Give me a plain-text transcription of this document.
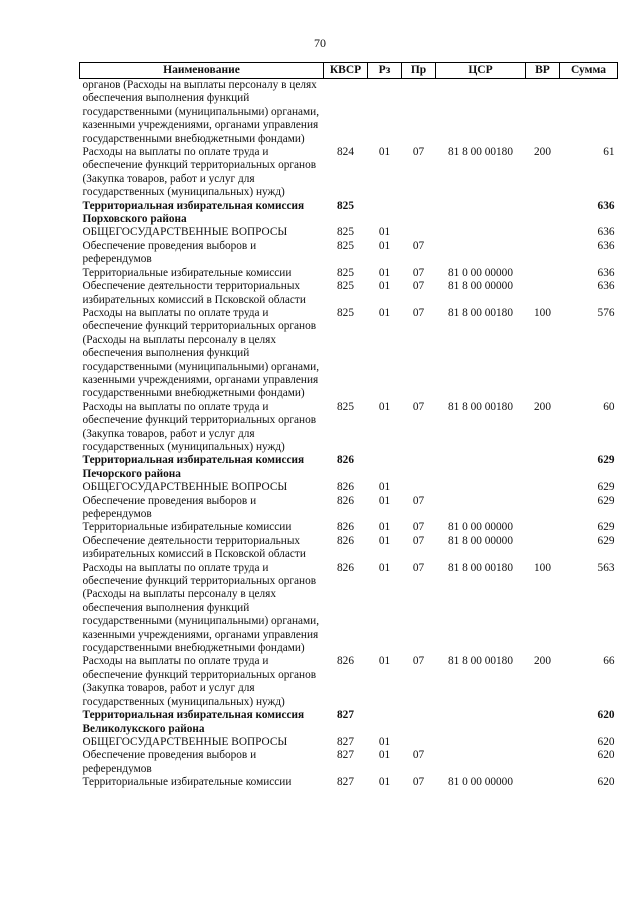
70
Наименование	КВСР	Рз	Пр	ЦСР	ВР	Сумма
органов (Расходы на выплаты персоналу в целях обеспечения выполнения функций государственными (муниципальными) органами, казенными учреждениями, органами управления государственными внебюджетными фондами)						
Расходы на выплаты по оплате труда и обеспечение функций территориальных органов (Закупка товаров, работ и услуг для государственных (муниципальных) нужд)	824	01	07	81 8 00 00180	200	61
Территориальная избирательная комиссия Порховского района	825					636
ОБЩЕГОСУДАРСТВЕННЫЕ ВОПРОСЫ	825	01				636
Обеспечение проведения выборов и референдумов	825	01	07			636
Территориальные избирательные комиссии	825	01	07	81 0 00 00000		636
Обеспечение деятельности территориальных избирательных комиссий в Псковской области	825	01	07	81 8 00 00000		636
Расходы на выплаты по оплате труда и обеспечение функций территориальных органов (Расходы на выплаты персоналу в целях обеспечения выполнения функций государственными (муниципальными) органами, казенными учреждениями, органами управления государственными внебюджетными фондами)	825	01	07	81 8 00 00180	100	576
Расходы на выплаты по оплате труда и обеспечение функций территориальных органов (Закупка товаров, работ и услуг для государственных (муниципальных) нужд)	825	01	07	81 8 00 00180	200	60
Территориальная избирательная комиссия Печорского района	826					629
ОБЩЕГОСУДАРСТВЕННЫЕ ВОПРОСЫ	826	01				629
Обеспечение проведения выборов и референдумов	826	01	07			629
Территориальные избирательные комиссии	826	01	07	81 0 00 00000		629
Обеспечение деятельности территориальных избирательных комиссий в Псковской области	826	01	07	81 8 00 00000		629
Расходы на выплаты по оплате труда и обеспечение функций территориальных органов (Расходы на выплаты персоналу в целях обеспечения выполнения функций государственными (муниципальными) органами, казенными учреждениями, органами управления государственными внебюджетными фондами)	826	01	07	81 8 00 00180	100	563
Расходы на выплаты по оплате труда и обеспечение функций территориальных органов (Закупка товаров, работ и услуг для государственных (муниципальных) нужд)	826	01	07	81 8 00 00180	200	66
Территориальная избирательная комиссия Великолукского района	827					620
ОБЩЕГОСУДАРСТВЕННЫЕ ВОПРОСЫ	827	01				620
Обеспечение проведения выборов и референдумов	827	01	07			620
Территориальные избирательные комиссии	827	01	07	81 0 00 00000		620
